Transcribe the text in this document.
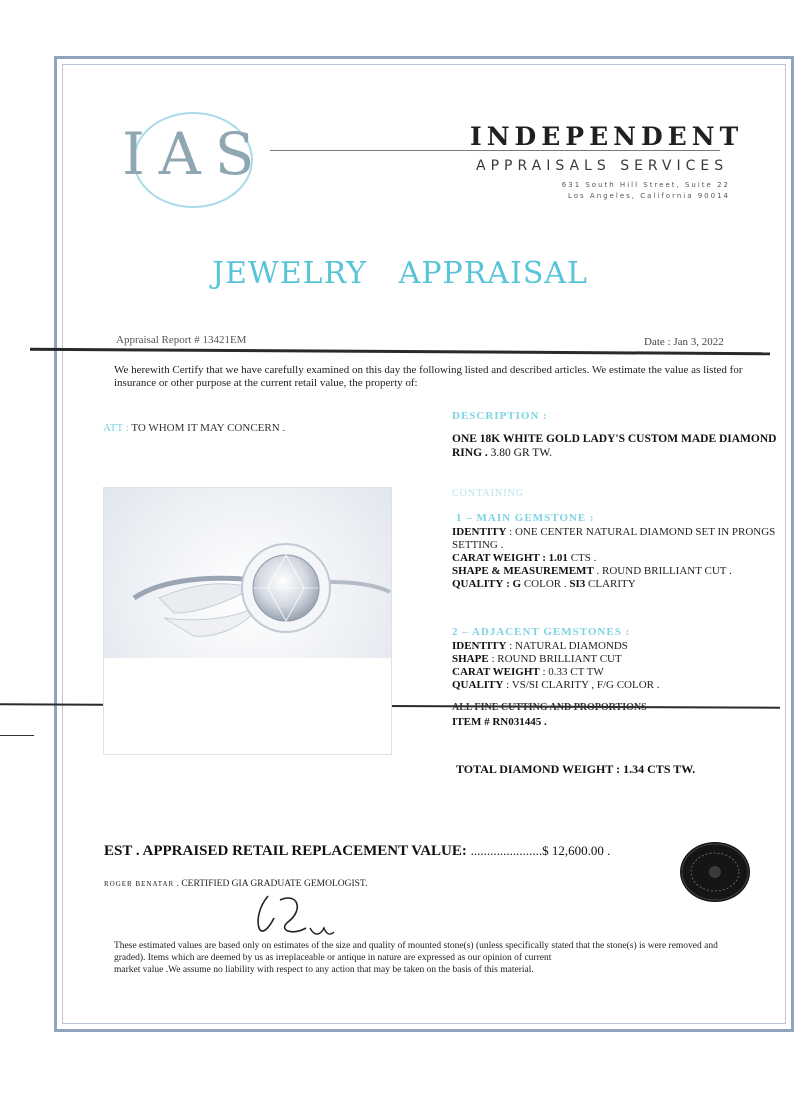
IAS	INDEPENDENT
APPRAISALS SERVICES
631 South Hill Street, Suite 22
Los Angeles, California 90014
JEWELRY   APPRAISAL
Appraisal Report # 13421EM	Date : Jan 3, 2022
We herewith Certify that we have carefully examined on this day the following listed and described articles. We estimate the value as listed for insurance or other purpose at the current retail value, the property of:
ATT : TO WHOM IT MAY CONCERN .
DESCRIPTION :
ONE 18K WHITE GOLD LADY'S CUSTOM MADE DIAMOND RING . 3.80 GR TW.
CONTAINING
1 – MAIN GEMSTONE :
IDENTITY : ONE CENTER NATURAL DIAMOND SET IN PRONGS SETTING .
CARAT WEIGHT : 1.01 CTS .
SHAPE & MEASUREMEMT . ROUND BRILLIANT CUT .
QUALITY : G COLOR . SI3 CLARITY
2 – ADJACENT GEMSTONES :
IDENTITY : NATURAL DIAMONDS
SHAPE : ROUND BRILLIANT CUT
CARAT WEIGHT : 0.33 CT TW
QUALITY : VS/SI CLARITY , F/G COLOR .
ALL FINE CUTTING AND PROPORTIONS
ITEM # RN031445 .
TOTAL DIAMOND WEIGHT : 1.34 CTS TW.
EST . APPRAISED RETAIL REPLACEMENT VALUE: ......................$ 12,600.00 .
ROGER BENATAR . CERTIFIED GIA GRADUATE GEMOLOGIST.
These estimated values are based only on estimates of the size and quality of mounted stone(s) (unless specifically stated that the stone(s) is were removed and
graded). Items which are deemed by us as irreplaceable or antique in nature are expressed as our opinion of current
market value .We assume no liability with respect to any action that may be taken on the basis of this material.
